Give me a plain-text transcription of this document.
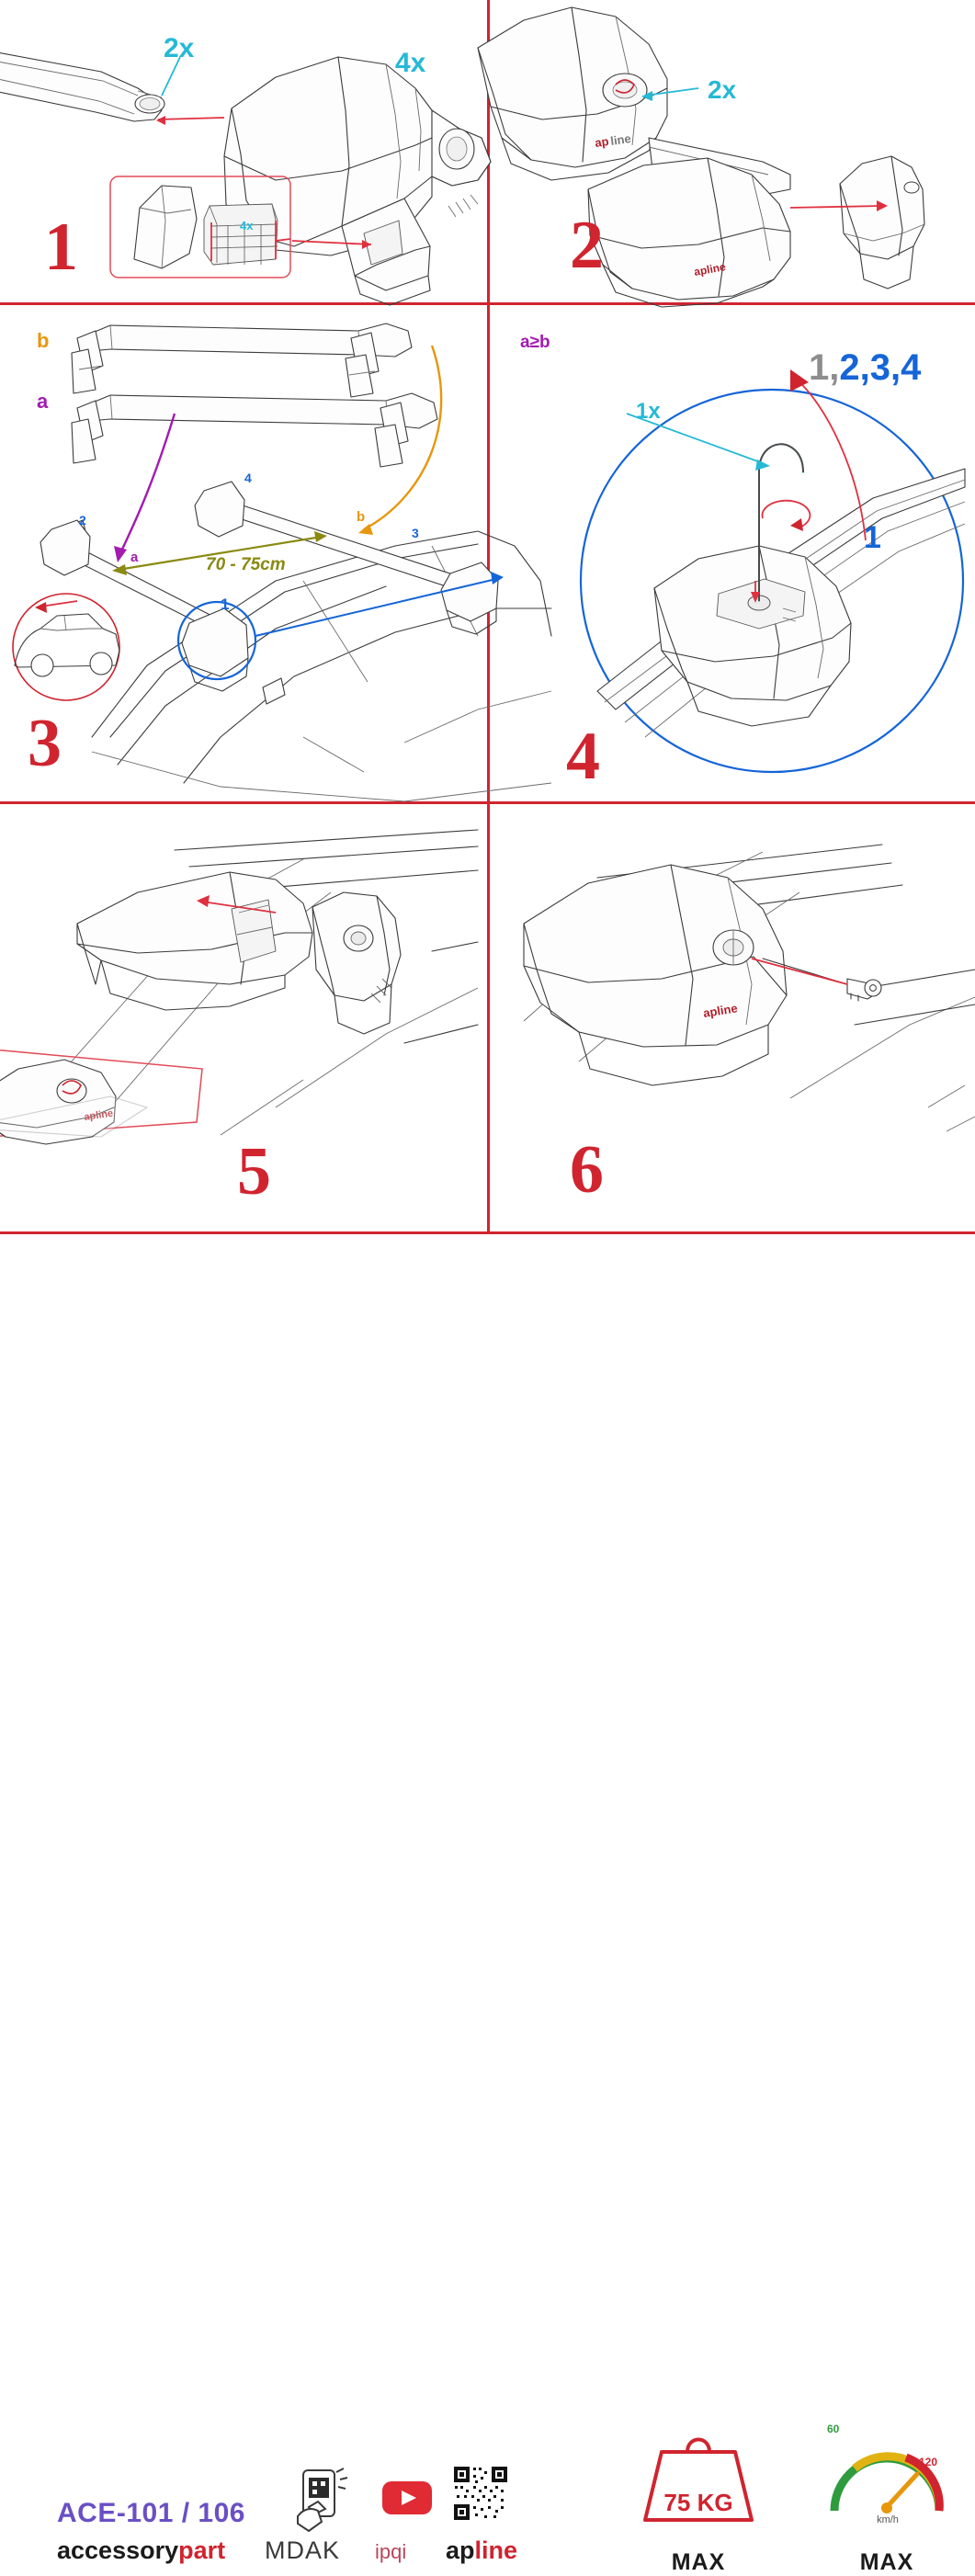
2x	4x
4x
1
ap line
apline
2x
2
b
a
a
b
2
4
3
1
70 - 75cm
3
a≥b
1x
1,2,3,4
1
4
apline
5
apline
6
ACE-101 / 106
accessorypart MDAK ipqi apline
75 KG
MAX
60
120
km/h
MAX
